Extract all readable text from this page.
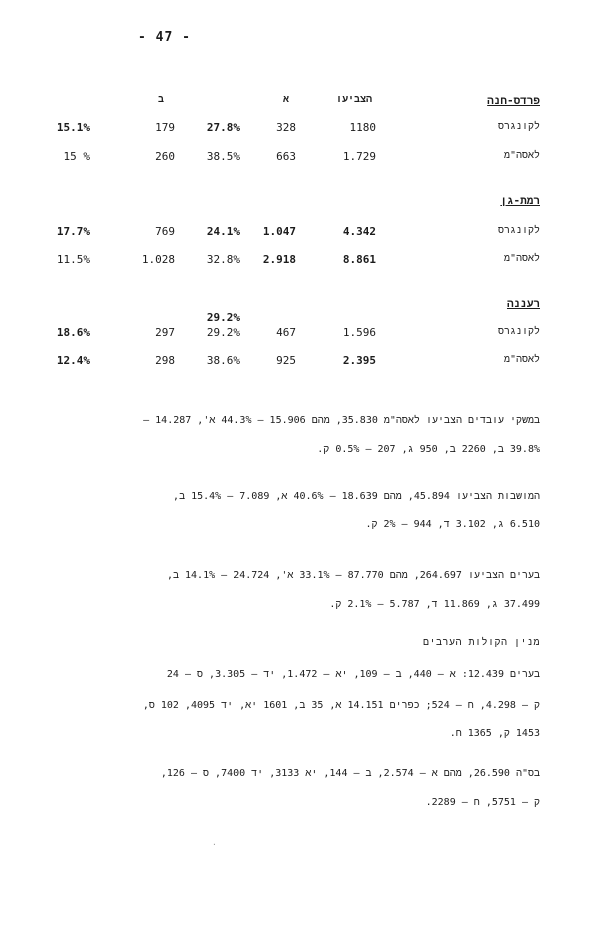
- 47 -
ב	א	הצביעו	פרדס-חנה
15.1%	179	27.8%	328	1180	לקונגרס
15 %	260	38.5%	663	1.729	לאסה"מ
רמת-גן
17.7%	769	24.1%	1.047	4.342	לקונגרס
11.5%	1.028	32.8%	2.918	8.861	לאסה"מ
רעננה
29.2%
18.6%	297	29.2%	467	1.596	לקונגרס
12.4%	298	38.6%	925	2.395	לאסה"מ
במשקי עובדים הצביעו לאסה"מ 35.830, מהם 15.906 – 44.3% א', 14.287 –
39.8% ב, 2260 ב, 950 ג, 207 – 0.5% ק.
המושבות הצביעו 45.894, מהם 18.639 – 40.6% א, 7.089 – 15.4% ב,
6.510 ג, 3.102 ד, 944 – 2% ק.
בערים הצביעו 264.697, מהם 87.770 – 33.1% א', 24.724 – 14.1% ב,
37.499 ג, 11.869 ד, 5.787 – 2.1% ק.
מנין הקולות הערבים
בערים 12.439: א – 440, ב – 109, יא – 1.472, יד – 3.305, ס – 24
ק – 4.298, ח – 524; כפרים 14.151 א, 35 ב, 1601 יא, יד 4095, 102 ס,
1453 ק, 1365 ח.
בס"ה 26.590, מהם א – 2.574, ב – 144, יא 3133, יד 7400, ס – 126,
ק – 5751, ח – 2289.
·
